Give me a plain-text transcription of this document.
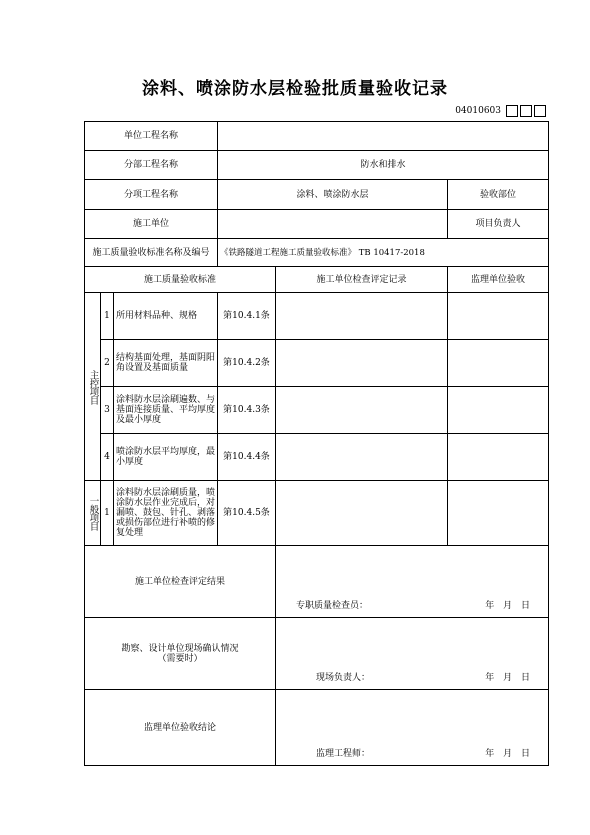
涂料、喷涂防水层检验批质量验收记录
04010603
单位工程名称					
分部工程名称			防水和排水		
分项工程名称			涂料、喷涂防水层		验收部位
施工单位					项目负责人
施工质量验收标准名称及编号			《铁路隧道工程施工质量验收标准》 TB 10417-2018		
施工质量验收标准				施工单位检查评定记录	监理单位验收

主控项目	1	所用材料品种、规格	第10.4.1条		
	2	结构基面处理，基面阴阳角设置及基面质量	第10.4.2条		
	3	涂料防水层涂刷遍数、与基面连接质量、平均厚度及最小厚度	第10.4.3条		
	4	喷涂防水层平均厚度，最小厚度	第10.4.4条		

一般项目	1	涂料防水层涂刷质量，喷涂防水层作业完成后，对漏喷、鼓包、针孔、剥落或损伤部位进行补喷的修复处理	第10.4.5条		
施工单位检查评定结果				专职质量检查员： 年 月 日	

勘察、设计单位现场确认情况（需要时）				现场负责人： 年 月 日	

监理单位验收结论				监理工程师： 年 月 日	
